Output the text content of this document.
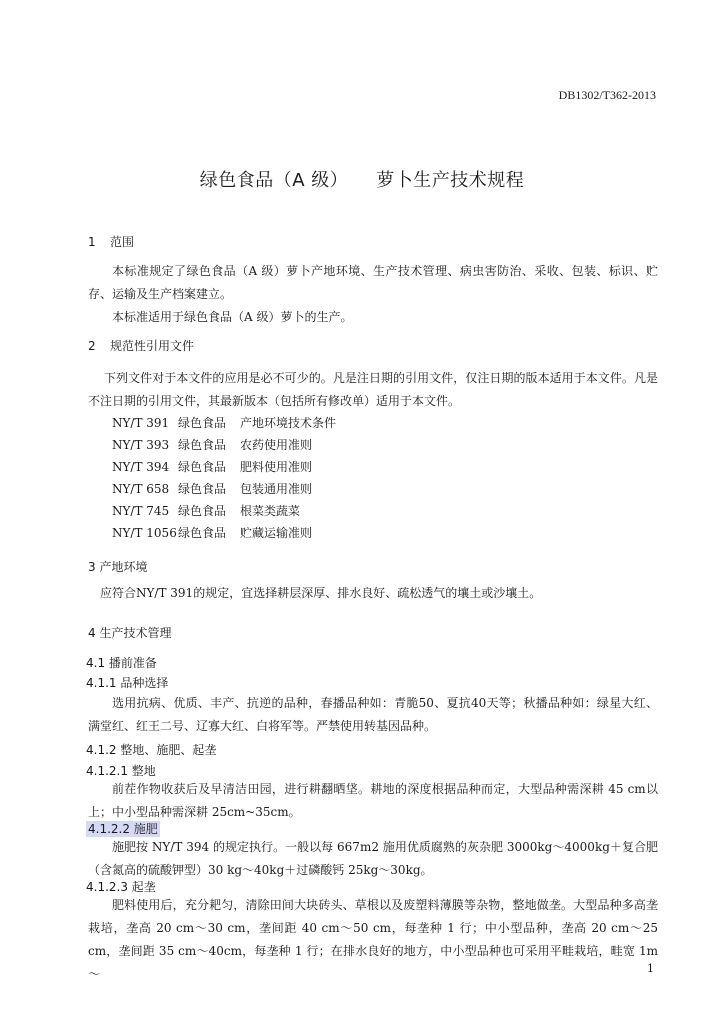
DB1302/T362-2013
绿色食品（A 级） 萝卜生产技术规程
1 范围
本标准规定了绿色食品（A 级）萝卜产地环境、生产技术管理、病虫害防治、采收、包装、标识、贮存、运输及生产档案建立。
本标准适用于绿色食品（A 级）萝卜的生产。
2 规范性引用文件
下列文件对于本文件的应用是必不可少的。凡是注日期的引用文件，仅注日期的版本适用于本文件。凡是不注日期的引用文件，其最新版本（包括所有修改单）适用于本文件。
NY/T 391 绿色食品 产地环境技术条件
NY/T 393 绿色食品 农药使用准则
NY/T 394 绿色食品 肥料使用准则
NY/T 658 绿色食品 包装通用准则
NY/T 745 绿色食品 根菜类蔬菜
NY/T 1056绿色食品 贮藏运输准则
3 产地环境
应符合NY/T 391的规定，宜选择耕层深厚、排水良好、疏松透气的壤土或沙壤土。
4 生产技术管理
4.1 播前准备
4.1.1 品种选择
选用抗病、优质、丰产、抗逆的品种，春播品种如：青脆50、夏抗40天等；秋播品种如：绿星大红、满堂红、红王二号、辽寡大红、白将军等。严禁使用转基因品种。
4.1.2 整地、施肥、起垄
4.1.2.1 整地
前茬作物收获后及早清洁田园，进行耕翻晒垡。耕地的深度根据品种而定，大型品种需深耕 45 cm以上；中小型品种需深耕 25cm~35cm。
4.1.2.2 施肥
施肥按 NY/T 394 的规定执行。一般以每 667m2 施用优质腐熟的灰杂肥 3000kg～4000kg＋复合肥（含氮高的硫酸钾型）30 kg～40kg＋过磷酸钙 25kg～30kg。
4.1.2.3 起垄
肥料使用后，充分耙匀，清除田间大块砖头、草根以及废塑料薄膜等杂物，整地做垄。大型品种多高垄栽培，垄高 20 cm～30 cm，垄间距 40 cm～50 cm，每垄种 1 行；中小型品种，垄高 20 cm～25 cm，垄间距 35 cm～40cm，每垄种 1 行；在排水良好的地方，中小型品种也可采用平畦栽培，畦宽 1m～	1
